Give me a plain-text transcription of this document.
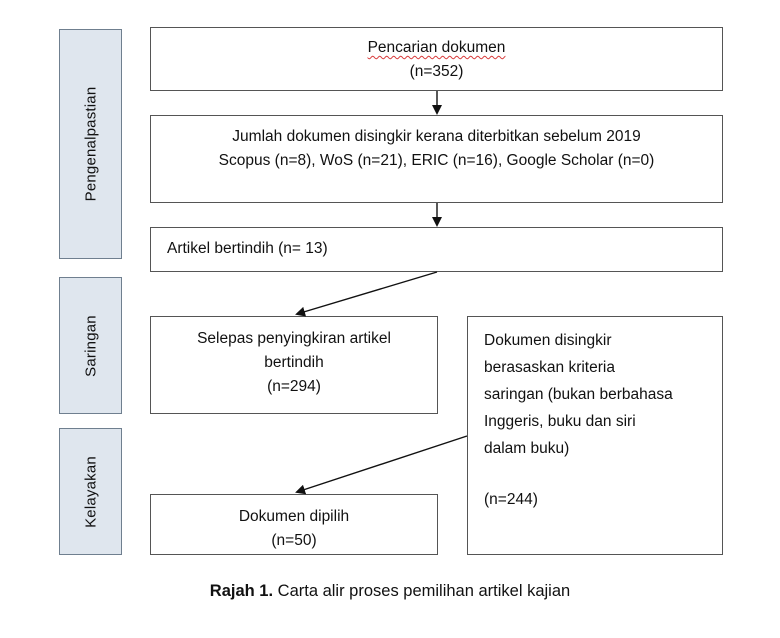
Pengenalpastian
Saringan
Kelayakan
Pencarian dokumen
(n=352)
Jumlah dokumen disingkir kerana diterbitkan sebelum 2019
Scopus (n=8), WoS (n=21), ERIC (n=16), Google Scholar (n=0)
Artikel bertindih (n= 13)
Selepas penyingkiran artikel
bertindih
(n=294)
Dokumen disingkir
berasaskan kriteria
saringan (bukan berbahasa
Inggeris, buku dan siri
dalam buku)
(n=244)
Dokumen dipilih
(n=50)
Rajah 1. Carta alir proses pemilihan artikel kajian
